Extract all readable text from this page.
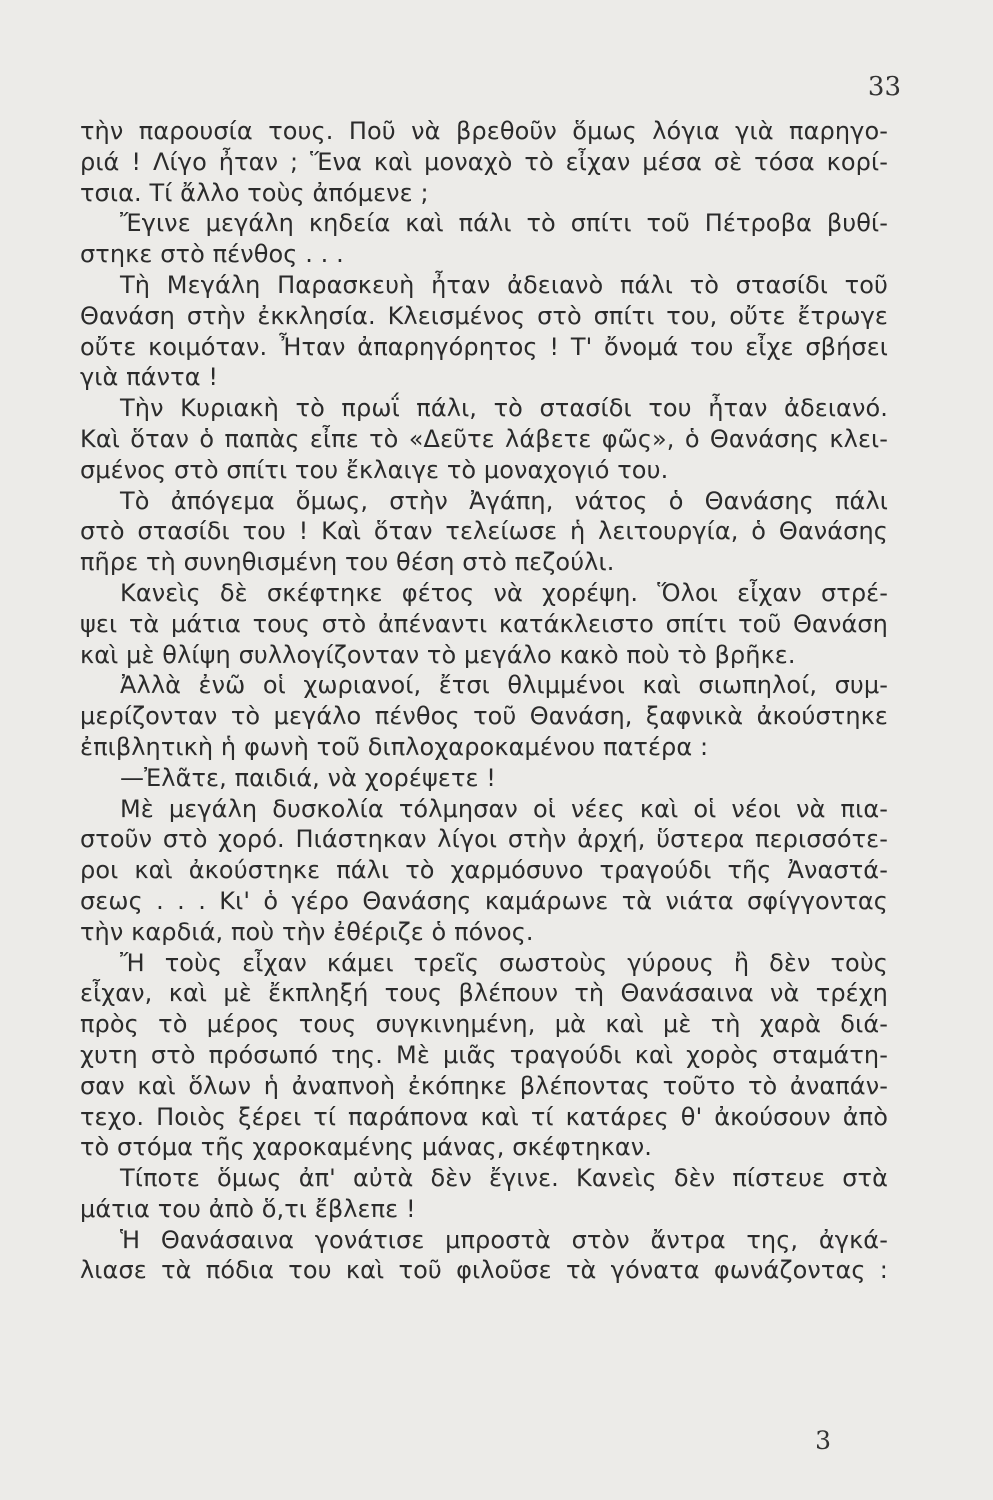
33
τὴν παρουσία τους. Ποῦ νὰ βρεθοῦν ὅμως λόγια γιὰ παρηγο-
ριά ! Λίγο ἦταν ; Ἕνα καὶ μοναχὸ τὸ εἶχαν μέσα σὲ τόσα κορί-
τσια. Τί ἄλλο τοὺς ἀπόμενε ;
Ἔγινε μεγάλη κηδεία καὶ πάλι τὸ σπίτι τοῦ Πέτροβα βυθί-
στηκε στὸ πένθος . . .
Τὴ Μεγάλη Παρασκευὴ ἦταν ἀδειανὸ πάλι τὸ στασίδι τοῦ
Θανάση στὴν ἐκκλησία. Κλεισμένος στὸ σπίτι του, οὔτε ἔτρωγε
οὔτε κοιμόταν. Ἦταν ἀπαρηγόρητος ! Τ' ὄνομά του εἶχε σβήσει
γιὰ πάντα !
Τὴν Κυριακὴ τὸ πρωΐ πάλι, τὸ στασίδι του ἦταν ἀδειανό.
Καὶ ὅταν ὁ παπὰς εἶπε τὸ «Δεῦτε λάβετε φῶς», ὁ Θανάσης κλει-
σμένος στὸ σπίτι του ἔκλαιγε τὸ μοναχογιό του.
Τὸ ἀπόγεμα ὅμως, στὴν Ἀγάπη, νάτος ὁ Θανάσης πάλι
στὸ στασίδι του ! Καὶ ὅταν τελείωσε ἡ λειτουργία, ὁ Θανάσης
πῆρε τὴ συνηθισμένη του θέση στὸ πεζούλι.
Κανεὶς δὲ σκέφτηκε φέτος νὰ χορέψη. Ὅλοι εἶχαν στρέ-
ψει τὰ μάτια τους στὸ ἀπέναντι κατάκλειστο σπίτι τοῦ Θανάση
καὶ μὲ θλίψη συλλογίζονταν τὸ μεγάλο κακὸ ποὺ τὸ βρῆκε.
Ἀλλὰ ἐνῶ οἱ χωριανοί, ἔτσι θλιμμένοι καὶ σιωπηλοί, συμ-
μερίζονταν τὸ μεγάλο πένθος τοῦ Θανάση, ξαφνικὰ ἀκούστηκε
ἐπιβλητικὴ ἡ φωνὴ τοῦ διπλοχαροκαμένου πατέρα :
—Ἐλᾶτε, παιδιά, νὰ χορέψετε !
Μὲ μεγάλη δυσκολία τόλμησαν οἱ νέες καὶ οἱ νέοι νὰ πια-
στοῦν στὸ χορό. Πιάστηκαν λίγοι στὴν ἀρχή, ὕστερα περισσότε-
ροι καὶ ἀκούστηκε πάλι τὸ χαρμόσυνο τραγούδι τῆς Ἀναστά-
σεως . . . Κι' ὁ γέρο Θανάσης καμάρωνε τὰ νιάτα σφίγγοντας
τὴν καρδιά, ποὺ τὴν ἐθέριζε ὁ πόνος.
Ἤ τοὺς εἶχαν κάμει τρεῖς σωστοὺς γύρους ἢ δὲν τοὺς
εἶχαν, καὶ μὲ ἔκπληξή τους βλέπουν τὴ Θανάσαινα νὰ τρέχη
πρὸς τὸ μέρος τους συγκινημένη, μὰ καὶ μὲ τὴ χαρὰ διά-
χυτη στὸ πρόσωπό της. Μὲ μιᾶς τραγούδι καὶ χορὸς σταμάτη-
σαν καὶ ὅλων ἡ ἀναπνοὴ ἐκόπηκε βλέποντας τοῦτο τὸ ἀναπάν-
τεχο. Ποιὸς ξέρει τί παράπονα καὶ τί κατάρες θ' ἀκούσουν ἀπὸ
τὸ στόμα τῆς χαροκαμένης μάνας, σκέφτηκαν.
Τίποτε ὅμως ἀπ' αὐτὰ δὲν ἔγινε. Κανεὶς δὲν πίστευε στὰ
μάτια του ἀπὸ ὅ,τι ἔβλεπε !
Ἡ Θανάσαινα γονάτισε μπροστὰ στὸν ἄντρα της, ἀγκά-
λιασε τὰ πόδια του καὶ τοῦ φιλοῦσε τὰ γόνατα φωνάζοντας :
3
